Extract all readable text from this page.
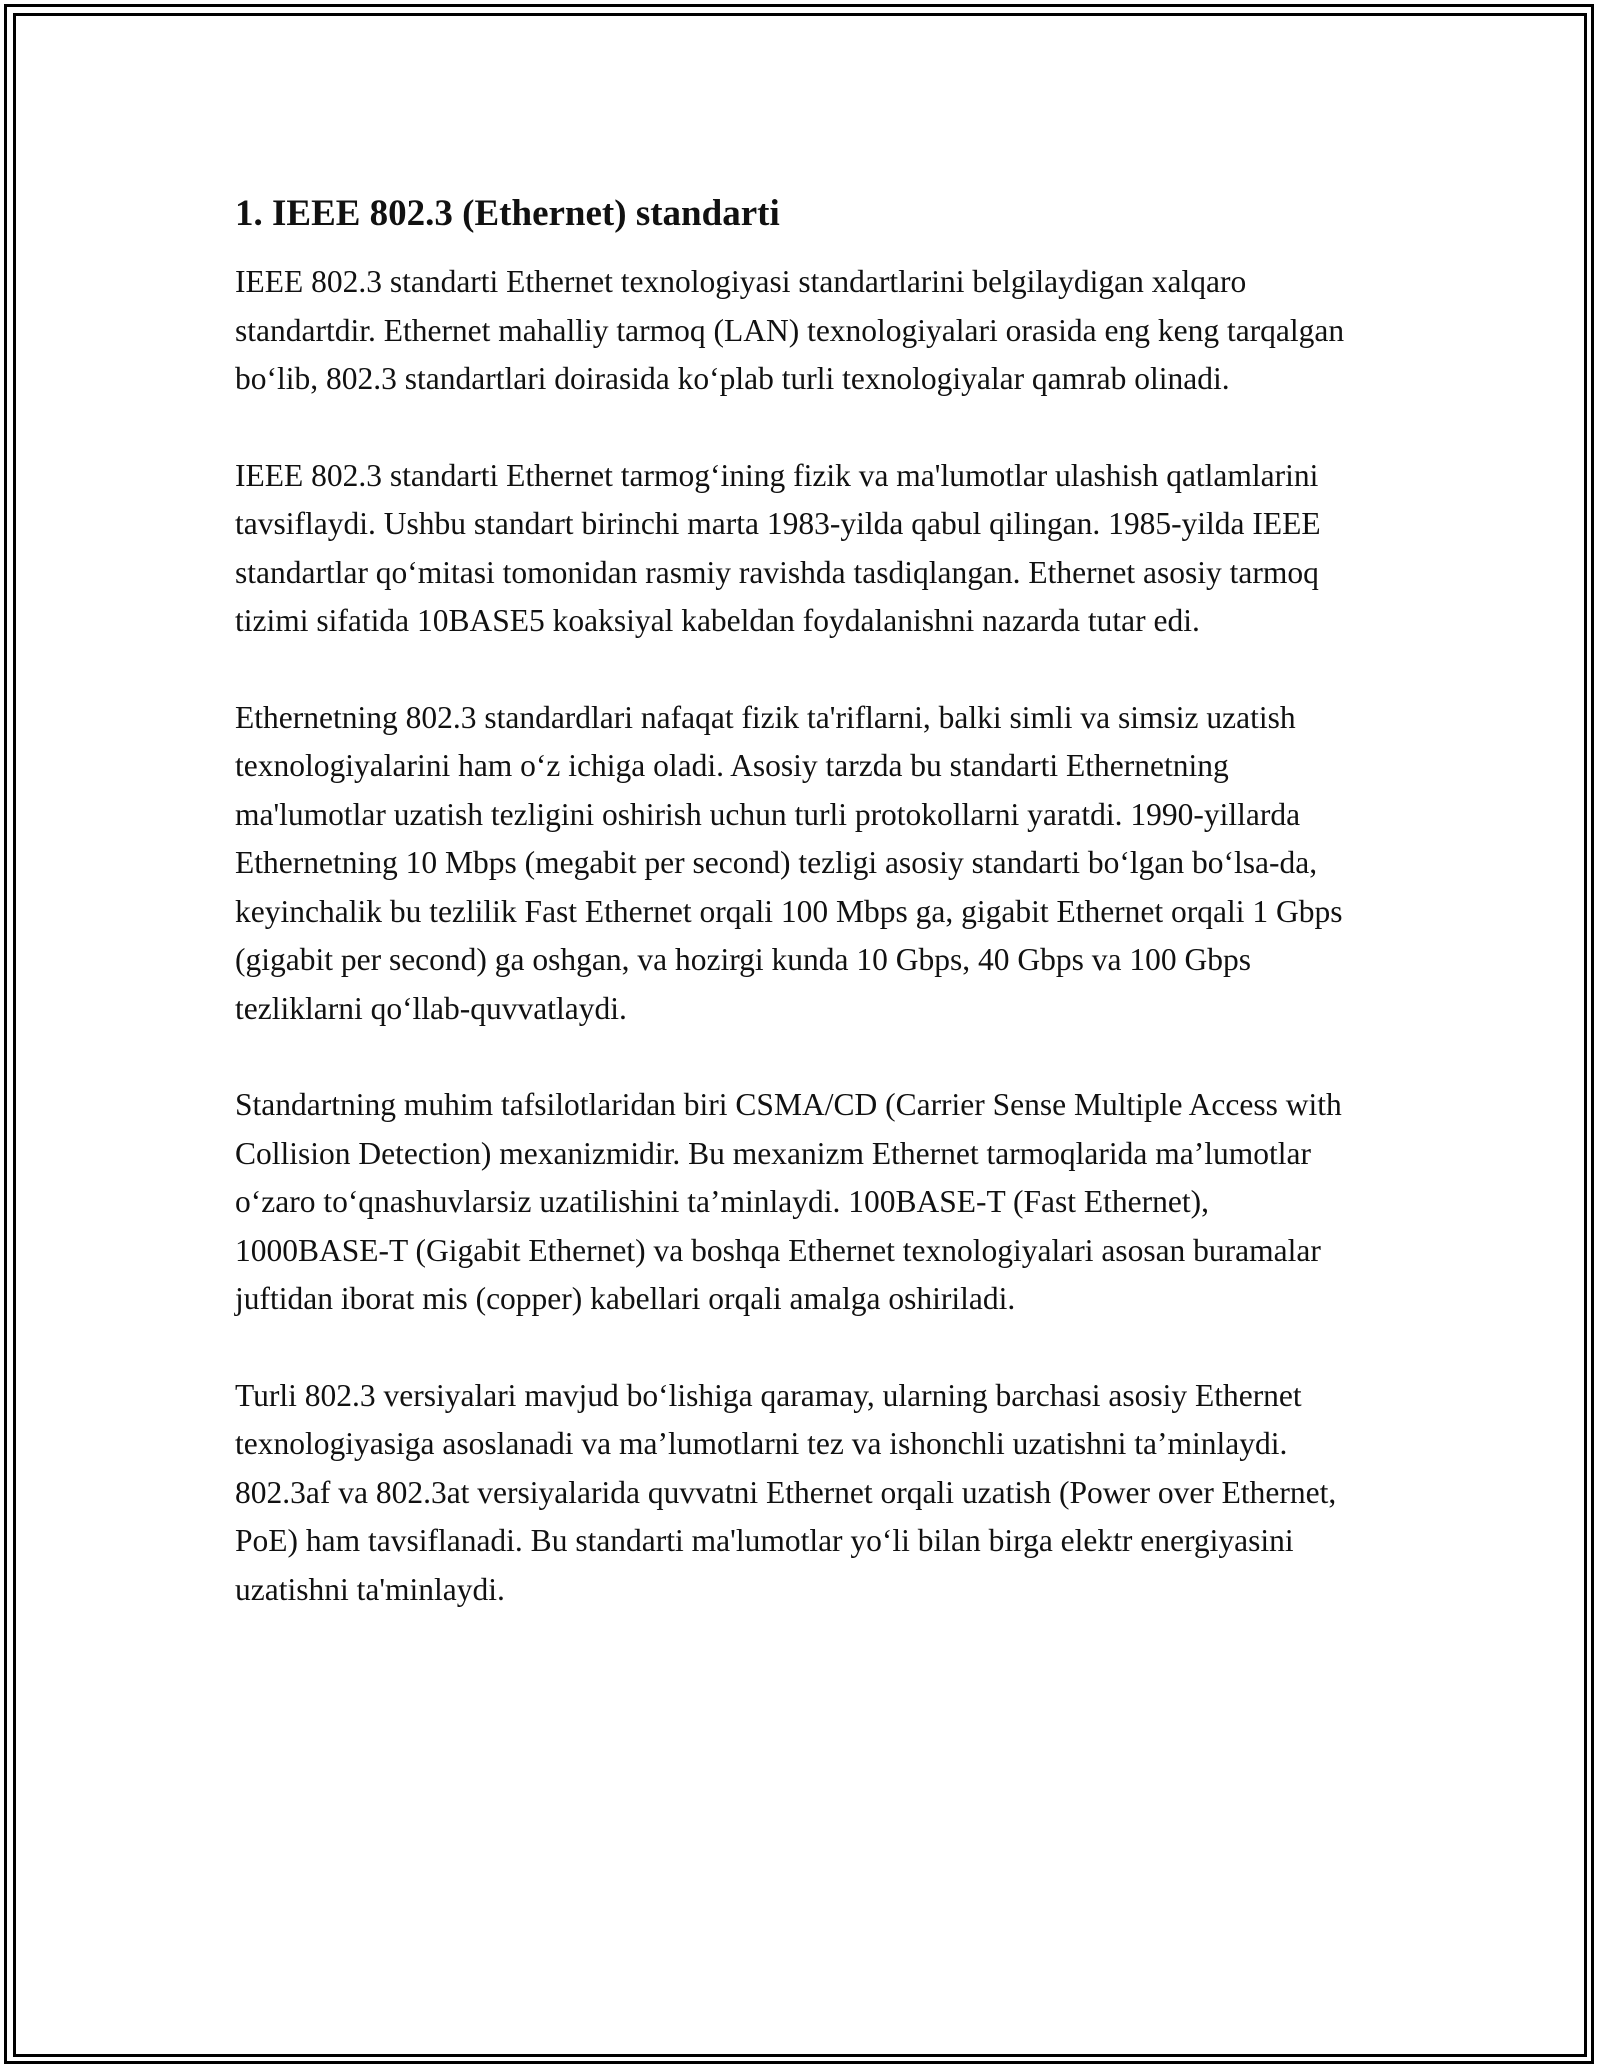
1. IEEE 802.3 (Ethernet) standarti

IEEE 802.3 standarti Ethernet texnologiyasi standartlarini belgilaydigan xalqaro standartdir. Ethernet mahalliy tarmoq (LAN) texnologiyalari orasida eng keng tarqalgan bo‘lib, 802.3 standartlari doirasida ko‘plab turli texnologiyalar qamrab olinadi.

IEEE 802.3 standarti Ethernet tarmog‘ining fizik va ma'lumotlar ulashish qatlamlarini tavsiflaydi. Ushbu standart birinchi marta 1983-yilda qabul qilingan. 1985-yilda IEEE standartlar qo‘mitasi tomonidan rasmiy ravishda tasdiqlangan. Ethernet asosiy tarmoq tizimi sifatida 10BASE5 koaksiyal kabeldan foydalanishni nazarda tutar edi.

Ethernetning 802.3 standardlari nafaqat fizik ta'riflarni, balki simli va simsiz uzatish texnologiyalarini ham o‘z ichiga oladi. Asosiy tarzda bu standarti Ethernetning ma'lumotlar uzatish tezligini oshirish uchun turli protokollarni yaratdi. 1990-yillarda Ethernetning 10 Mbps (megabit per second) tezligi asosiy standarti bo‘lgan bo‘lsa-da, keyinchalik bu tezlilik Fast Ethernet orqali 100 Mbps ga, gigabit Ethernet orqali 1 Gbps (gigabit per second) ga oshgan, va hozirgi kunda 10 Gbps, 40 Gbps va 100 Gbps tezliklarni qo‘llab-quvvatlaydi.

Standartning muhim tafsilotlaridan biri CSMA/CD (Carrier Sense Multiple Access with Collision Detection) mexanizmidir. Bu mexanizm Ethernet tarmoqlarida ma’lumotlar o‘zaro to‘qnashuvlarsiz uzatilishini ta’minlaydi. 100BASE-T (Fast Ethernet), 1000BASE-T (Gigabit Ethernet) va boshqa Ethernet texnologiyalari asosan buramalar juftidan iborat mis (copper) kabellari orqali amalga oshiriladi.

Turli 802.3 versiyalari mavjud bo‘lishiga qaramay, ularning barchasi asosiy Ethernet texnologiyasiga asoslanadi va ma’lumotlarni tez va ishonchli uzatishni ta’minlaydi. 802.3af va 802.3at versiyalarida quvvatni Ethernet orqali uzatish (Power over Ethernet, PoE) ham tavsiflanadi. Bu standarti ma'lumotlar yo‘li bilan birga elektr energiyasini uzatishni ta'minlaydi.
